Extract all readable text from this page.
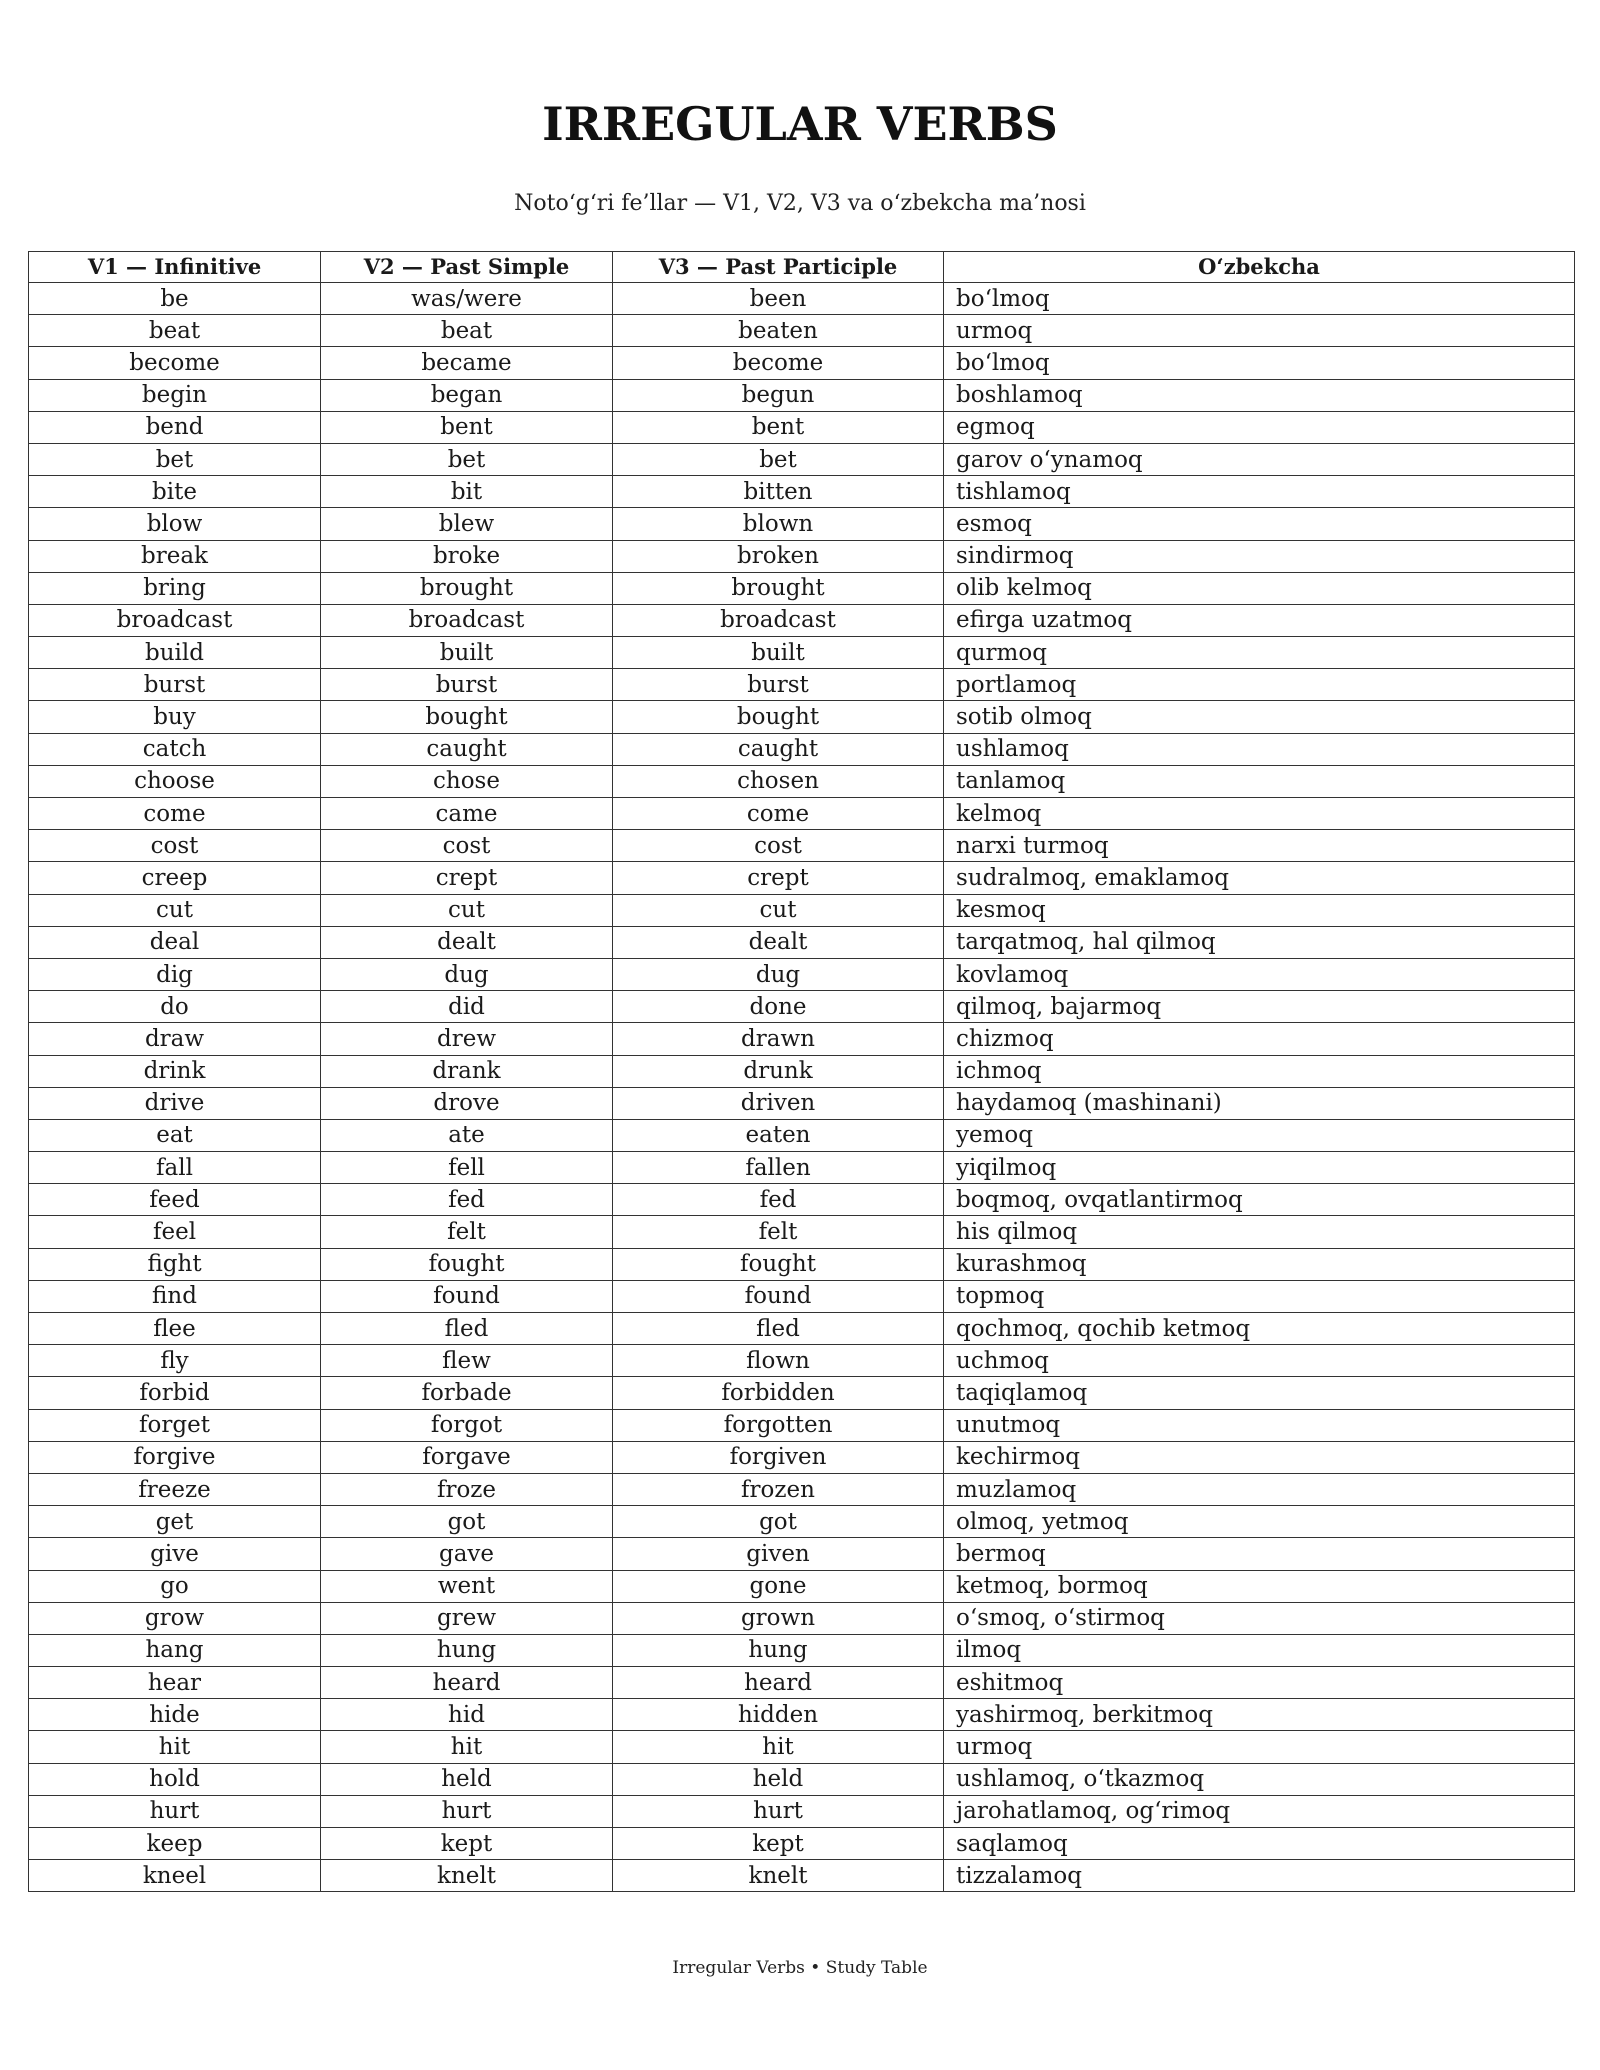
IRREGULAR VERBS

Noto‘g‘ri fe’llar — V1, V2, V3 va o‘zbekcha ma’nosi

V1 — Infinitive	V2 — Past Simple	V3 — Past Participle	O‘zbekcha
be	was/were	been	bo‘lmoq
beat	beat	beaten	urmoq
become	became	become	bo‘lmoq
begin	began	begun	boshlamoq
bend	bent	bent	egmoq
bet	bet	bet	garov o‘ynamoq
bite	bit	bitten	tishlamoq
blow	blew	blown	esmoq
break	broke	broken	sindirmoq
bring	brought	brought	olib kelmoq
broadcast	broadcast	broadcast	efirga uzatmoq
build	built	built	qurmoq
burst	burst	burst	portlamoq
buy	bought	bought	sotib olmoq
catch	caught	caught	ushlamoq
choose	chose	chosen	tanlamoq
come	came	come	kelmoq
cost	cost	cost	narxi turmoq
creep	crept	crept	sudralmoq, emaklamoq
cut	cut	cut	kesmoq
deal	dealt	dealt	tarqatmoq, hal qilmoq
dig	dug	dug	kovlamoq
do	did	done	qilmoq, bajarmoq
draw	drew	drawn	chizmoq
drink	drank	drunk	ichmoq
drive	drove	driven	haydamoq (mashinani)
eat	ate	eaten	yemoq
fall	fell	fallen	yiqilmoq
feed	fed	fed	boqmoq, ovqatlantirmoq
feel	felt	felt	his qilmoq
fight	fought	fought	kurashmoq
find	found	found	topmoq
flee	fled	fled	qochmoq, qochib ketmoq
fly	flew	flown	uchmoq
forbid	forbade	forbidden	taqiqlamoq
forget	forgot	forgotten	unutmoq
forgive	forgave	forgiven	kechirmoq
freeze	froze	frozen	muzlamoq
get	got	got	olmoq, yetmoq
give	gave	given	bermoq
go	went	gone	ketmoq, bormoq
grow	grew	grown	o‘smoq, o‘stirmoq
hang	hung	hung	ilmoq
hear	heard	heard	eshitmoq
hide	hid	hidden	yashirmoq, berkitmoq
hit	hit	hit	urmoq
hold	held	held	ushlamoq, o‘tkazmoq
hurt	hurt	hurt	jarohatlamoq, og‘rimoq
keep	kept	kept	saqlamoq
kneel	knelt	knelt	tizzalamoq
Irregular Verbs • Study Table
